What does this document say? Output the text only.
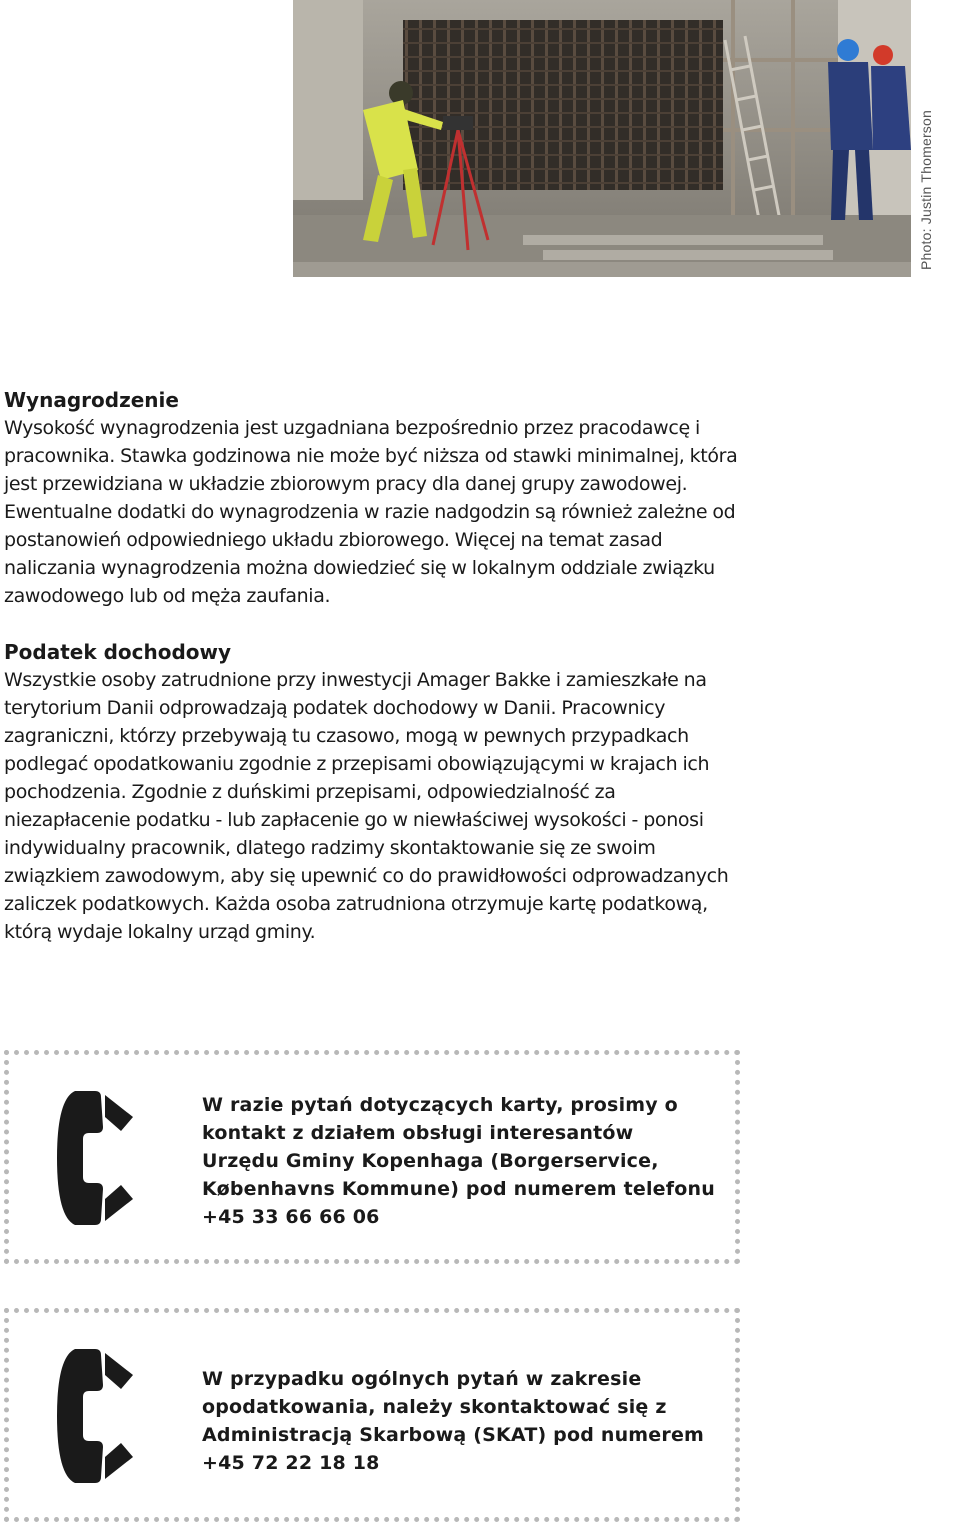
Photo: Justin Thomerson
Wynagrodzenie

Wysokość wynagrodzenia jest uzgadniana bezpośrednio przez pracodawcę i pracownika. Stawka godzinowa nie może być niższa od stawki minimalnej, która jest przewidziana w układzie zbiorowym pracy dla danej grupy zawodowej. Ewentualne dodatki do wynagrodzenia w razie nadgodzin są również zależne od postanowień odpowiedniego układu zbiorowego. Więcej na temat zasad naliczania wynagrodzenia można dowiedzieć się w lokalnym oddziale związku zawodowego lub od męża zaufania.

Podatek dochodowy

Wszystkie osoby zatrudnione przy inwestycji Amager Bakke i zamieszkałe na terytorium Danii odprowadzają podatek dochodowy w Danii. Pracownicy zagraniczni, którzy przebywają tu czasowo, mogą w pewnych przypadkach podlegać opodatkowaniu zgodnie z przepisami obowiązującymi w krajach ich pochodzenia. Zgodnie z duńskimi przepisami, odpowiedzialność za niezapłacenie podatku - lub zapłacenie go w niewłaściwej wysokości - ponosi indywidualny pracownik, dlatego radzimy skontaktowanie się ze swoim związkiem zawodowym, aby się upewnić co do prawidłowości odprowadzanych zaliczek podatkowych. Każda osoba zatrudniona otrzymuje kartę podatkową, którą wydaje lokalny urząd gminy.

W razie pytań dotyczących karty, prosimy o kontakt z działem obsługi interesantów Urzędu Gminy Kopenhaga (Borgerservice, Københavns Kommune) pod numerem telefonu +45 33 66 66 06

W przypadku ogólnych pytań w zakresie opodatkowania, należy skontaktować się z Administracją Skarbową (SKAT) pod numerem +45 72 22 18 18
